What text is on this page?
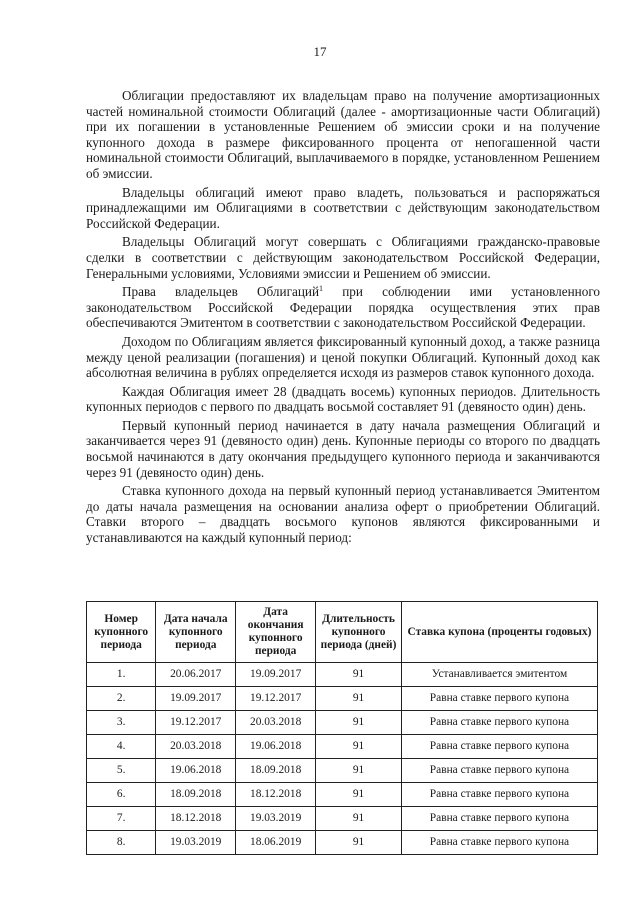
17

Облигации предоставляют их владельцам право на получение амортизационных частей номинальной стоимости Облигаций (далее - амортизационные части Облигаций) при их погашении в установленные Решением об эмиссии сроки и на получение купонного дохода в размере фиксированного процента от непогашенной части номинальной стоимости Облигаций, выплачиваемого в порядке, установленном Решением об эмиссии.

Владельцы облигаций имеют право владеть, пользоваться и распоряжаться принадлежащими им Облигациями в соответствии с действующим законодательством Российской Федерации.

Владельцы Облигаций могут совершать с Облигациями гражданско-правовые сделки в соответствии с действующим законодательством Российской Федерации, Генеральными условиями, Условиями эмиссии и Решением об эмиссии.

Права владельцев Облигаций$^1$ при соблюдении ими установленного законодательством Российской Федерации порядка осуществления этих прав обеспечиваются Эмитентом в соответствии с законодательством Российской Федерации.

Доходом по Облигациям является фиксированный купонный доход, а также разница между ценой реализации (погашения) и ценой покупки Облигаций. Купонный доход как абсолютная величина в рублях определяется исходя из размеров ставок купонного дохода.

Каждая Облигация имеет 28 (двадцать восемь) купонных периодов. Длительность купонных периодов с первого по двадцать восьмой составляет 91 (девяносто один) день.

Первый купонный период начинается в дату начала размещения Облигаций и заканчивается через 91 (девяносто один) день. Купонные периоды со второго по двадцать восьмой начинаются в дату окончания предыдущего купонного периода и заканчиваются через 91 (девяносто один) день.

Ставка купонного дохода на первый купонный период устанавливается Эмитентом до даты начала размещения на основании анализа оферт о приобретении Облигаций. Ставки второго – двадцать восьмого купонов являются фиксированными и устанавливаются на каждый купонный период:

Номер купонного периода	Дата начала купонного периода	Дата окончания купонного периода	Длительность купонного периода (дней)	Ставка купона (проценты годовых)
1.	20.06.2017	19.09.2017	91	Устанавливается эмитентом
2.	19.09.2017	19.12.2017	91	Равна ставке первого купона
3.	19.12.2017	20.03.2018	91	Равна ставке первого купона
4.	20.03.2018	19.06.2018	91	Равна ставке первого купона
5.	19.06.2018	18.09.2018	91	Равна ставке первого купона
6.	18.09.2018	18.12.2018	91	Равна ставке первого купона
7.	18.12.2018	19.03.2019	91	Равна ставке первого купона
8.	19.03.2019	18.06.2019	91	Равна ставке первого купона
